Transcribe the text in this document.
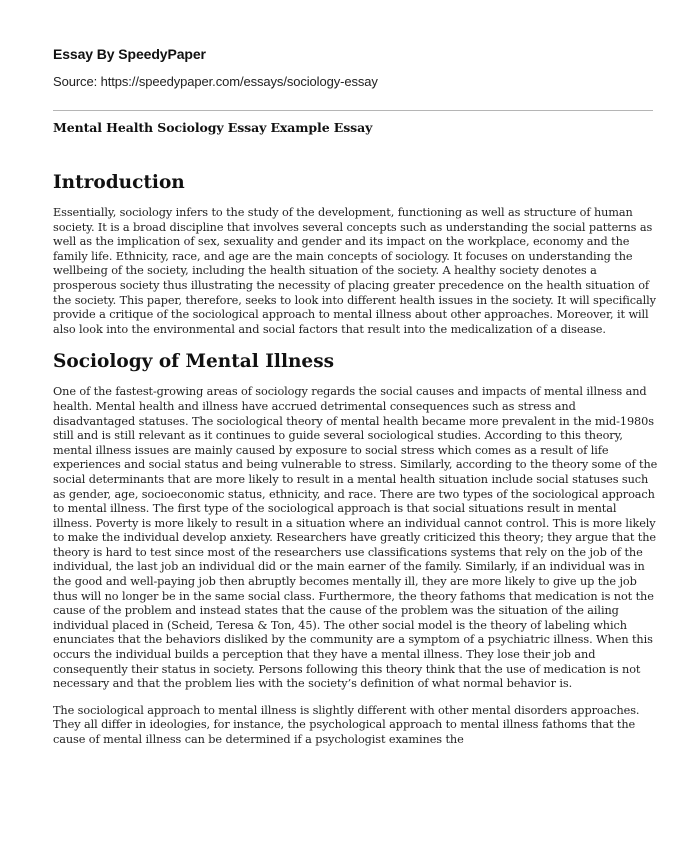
Essay By SpeedyPaper

Source: https://speedypaper.com/essays/sociology-essay

Mental Health Sociology Essay Example Essay

Introduction

Essentially, sociology infers to the study of the development, functioning as well as structure of human society. It is a broad discipline that involves several concepts such as understanding the social patterns as well as the implication of sex, sexuality and gender and its impact on the workplace, economy and the family life. Ethnicity, race, and age are the main concepts of sociology. It focuses on understanding the wellbeing of the society, including the health situation of the society. A healthy society denotes a prosperous society thus illustrating the necessity of placing greater precedence on the health situation of the society. This paper, therefore, seeks to look into different health issues in the society. It will specifically provide a critique of the sociological approach to mental illness about other approaches. Moreover, it will also look into the environmental and social factors that result into the medicalization of a disease.

Sociology of Mental Illness

One of the fastest-growing areas of sociology regards the social causes and impacts of mental illness and health. Mental health and illness have accrued detrimental consequences such as stress and disadvantaged statuses. The sociological theory of mental health became more prevalent in the mid-1980s still and is still relevant as it continues to guide several sociological studies. According to this theory, mental illness issues are mainly caused by exposure to social stress which comes as a result of life experiences and social status and being vulnerable to stress. Similarly, according to the theory some of the social determinants that are more likely to result in a mental health situation include social statuses such as gender, age, socioeconomic status, ethnicity, and race. There are two types of the sociological approach to mental illness. The first type of the sociological approach is that social situations result in mental illness. Poverty is more likely to result in a situation where an individual cannot control. This is more likely to make the individual develop anxiety. Researchers have greatly criticized this theory; they argue that the theory is hard to test since most of the researchers use classifications systems that rely on the job of the individual, the last job an individual did or the main earner of the family. Similarly, if an individual was in the good and well-paying job then abruptly becomes mentally ill, they are more likely to give up the job thus will no longer be in the same social class. Furthermore, the theory fathoms that medication is not the cause of the problem and instead states that the cause of the problem was the situation of the ailing individual placed in (Scheid, Teresa & Ton, 45). The other social model is the theory of labeling which enunciates that the behaviors disliked by the community are a symptom of a psychiatric illness. When this occurs the individual builds a perception that they have a mental illness. They lose their job and consequently their status in society. Persons following this theory think that the use of medication is not necessary and that the problem lies with the society’s definition of what normal behavior is.

The sociological approach to mental illness is slightly different with other mental disorders approaches. They all differ in ideologies, for instance, the psychological approach to mental illness fathoms that the cause of mental illness can be determined if a psychologist examines the
